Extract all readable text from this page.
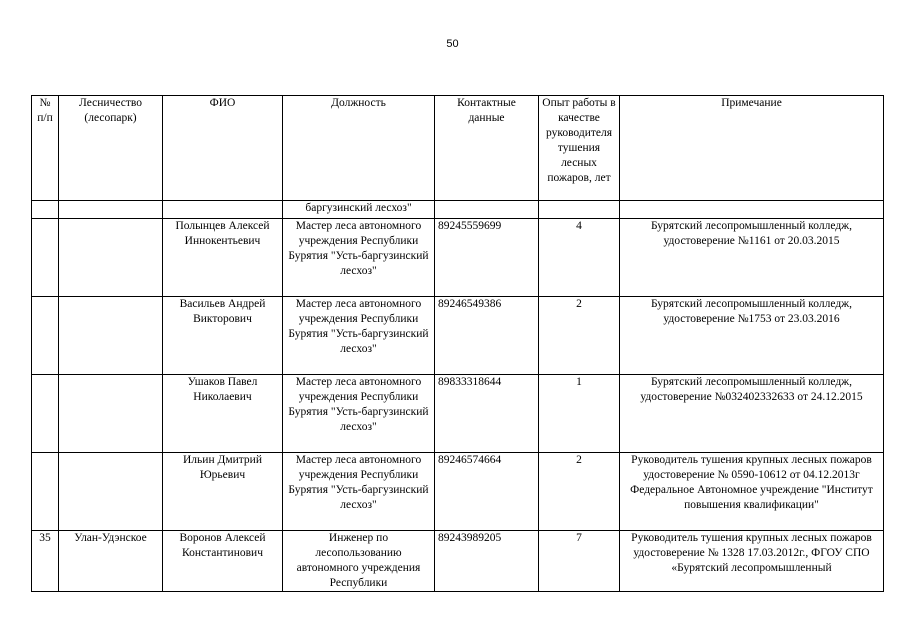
50
№ п/п	Лесничество (лесопарк)	ФИО	Должность	Контактные данные	Опыт работы в качестве руководителя тушения лесных пожаров, лет	Примечание
			баргузинский лесхоз"			
		Полынцев Алексей Иннокентьевич	Мастер леса автономного учреждения Республики Бурятия "Усть-баргузинский лесхоз"	89245559699	4	Бурятский лесопромышленный колледж, удостоверение №1161 от 20.03.2015
		Васильев Андрей Викторович	Мастер леса автономного учреждения Республики Бурятия "Усть-баргузинский лесхоз"	89246549386	2	Бурятский лесопромышленный колледж, удостоверение №1753 от 23.03.2016
		Ушаков Павел Николаевич	Мастер леса автономного учреждения Республики Бурятия "Усть-баргузинский лесхоз"	89833318644	1	Бурятский лесопромышленный колледж, удостоверение №032402332633 от 24.12.2015
		Ильин Дмитрий Юрьевич	Мастер леса автономного учреждения Республики Бурятия "Усть-баргузинский лесхоз"	89246574664	2	Руководитель тушения крупных лесных пожаров удостоверение № 0590-10612 от 04.12.2013г Федеральное Автономное учреждение "Институт повышения квалификации"
35	Улан-Удэнское	Воронов Алексей Константинович	Инженер по лесопользованию автономного учреждения Республики	89243989205	7	Руководитель тушения крупных лесных пожаров удостоверение № 1328 17.03.2012г., ФГОУ СПО «Бурятский лесопромышленный
